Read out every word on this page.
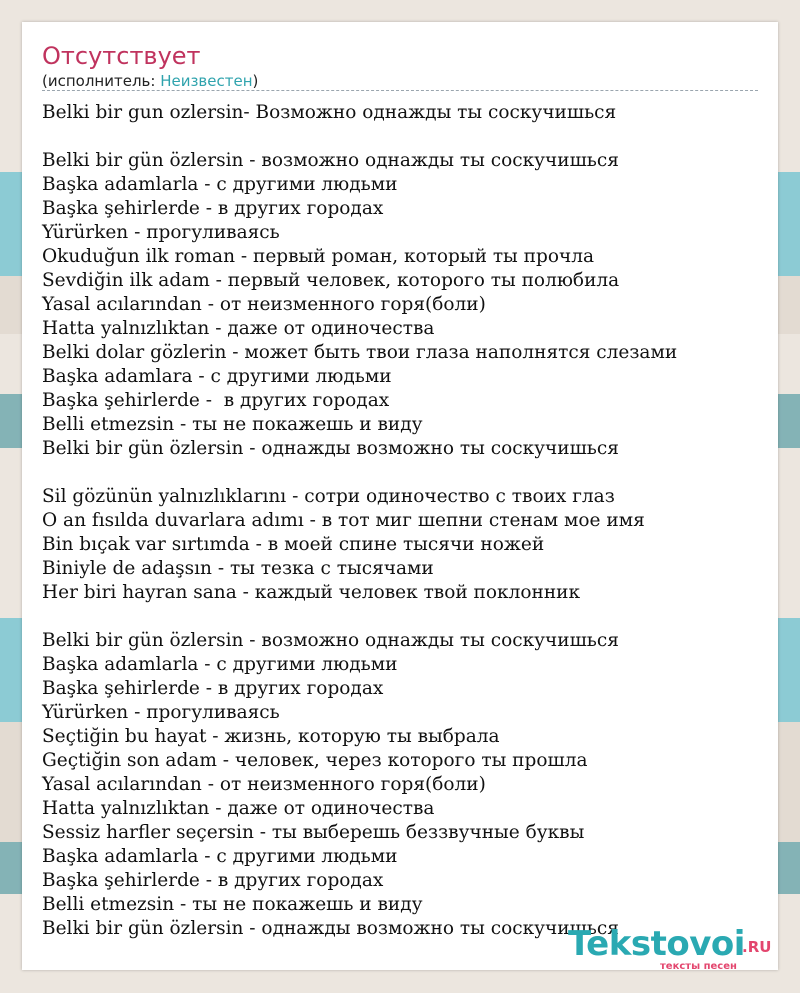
Отсутствует
(исполнитель: Неизвестен)
Belki bir gun ozlersin- Возможно однажды ты соскучишься
Belki bir gün özlersin - возможно однажды ты соскучишься
Başka adamlarla - с другими людьми
Başka şehirlerde - в других городах
Yürürken - прогуливаясь
Okuduğun ilk roman - первый роман, который ты прочла
Sevdiğin ilk adam - первый человек, которого ты полюбила
Yasal acılarından - от неизменного горя(боли)
Hatta yalnızlıktan - даже от одиночества
Belki dolar gözlerin - может быть твои глаза наполнятся слезами
Başka adamlara - с другими людьми
Başka şehirlerde -  в других городах
Belli etmezsin - ты не покажешь и виду
Belki bir gün özlersin - однажды возможно ты соскучишься
Sil gözünün yalnızlıklarını - сотри одиночество с твоих глаз
O an fısılda duvarlara adımı - в тот миг шепни стенам мое имя
Bin bıçak var sırtımda - в моей спине тысячи ножей
Biniyle de adaşsın - ты тезка с тысячами
Her biri hayran sana - каждый человек твой поклонник
Belki bir gün özlersin - возможно однажды ты соскучишься
Başka adamlarla - с другими людьми
Başka şehirlerde - в других городах
Yürürken - прогуливаясь
Seçtiğin bu hayat - жизнь, которую ты выбрала
Geçtiğin son adam - человек, через которого ты прошла
Yasal acılarından - от неизменного горя(боли)
Hatta yalnızlıktan - даже от одиночества
Sessiz harfler seçersin - ты выберешь беззвучные буквы
Başka adamlarla - с другими людьми
Başka şehirlerde - в других городах
Belli etmezsin - ты не покажешь и виду
Belki bir gün özlersin - однажды возможно ты соскучишься
Tekstovoi
.RU
тексты песен
